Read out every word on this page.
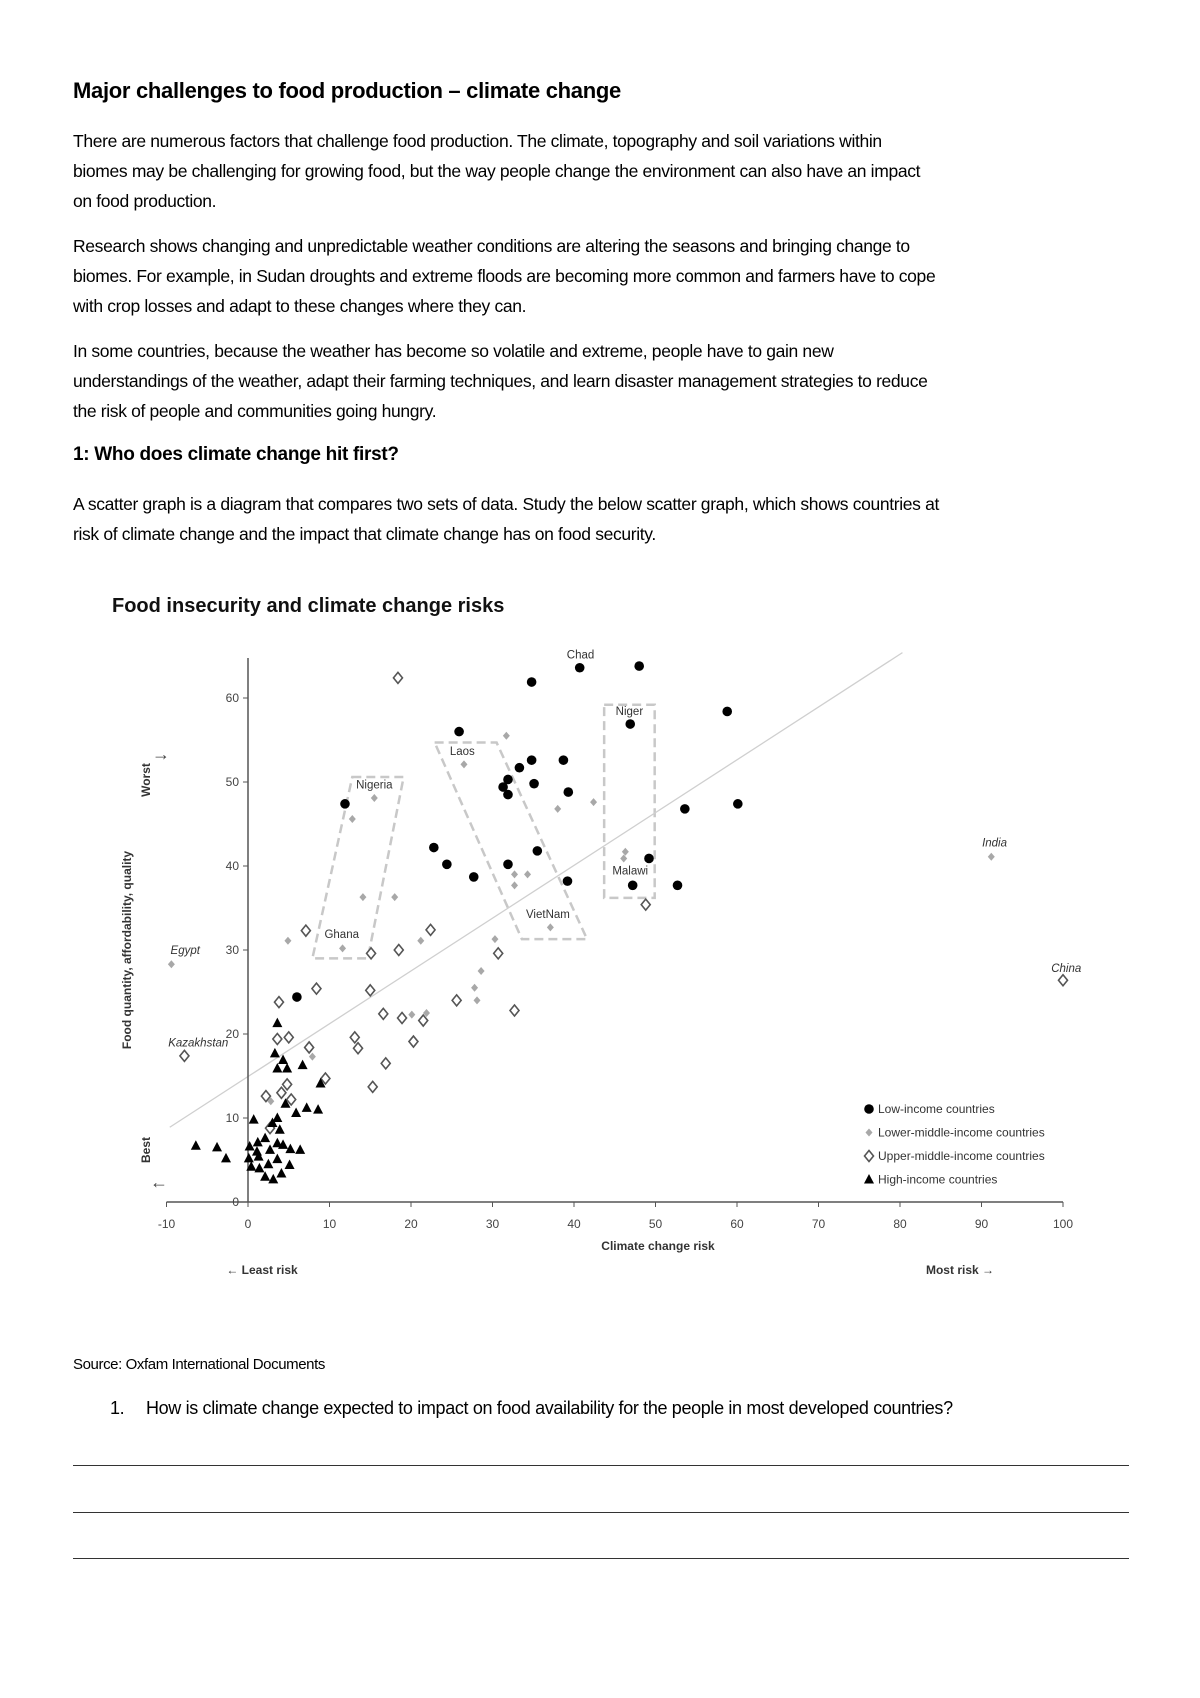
Major challenges to food production – climate change
There are numerous factors that challenge food production. The climate, topography and soil variations within
biomes may be challenging for growing food, but the way people change the environment can also have an impact
on food production.
Research shows changing and unpredictable weather conditions are altering the seasons and bringing change to
biomes. For example, in Sudan droughts and extreme floods are becoming more common and farmers have to cope
with crop losses and adapt to these changes where they can.
In some countries, because the weather has become so volatile and extreme, people have to gain new
understandings of the weather, adapt their farming techniques, and learn disaster management strategies to reduce
the risk of people and communities going hungry.
1: Who does climate change hit first?
A scatter graph is a diagram that compares two sets of data. Study the below scatter graph, which shows countries at
risk of climate change and the impact that climate change has on food security.
Food insecurity and climate change risks
0
10
20
30
40
50
60
-10	0	10	20	30	40	50	60	70	80	90	100
Climate change risk
← Least risk	Most risk →
Food quantity, affordability, quality
Worst
→
Best
←
Chad
Niger
Nigeria
Laos
Ghana
VietNam
Malawi
India
China
Egypt
Kazakhstan
Low-income countries
Lower-middle-income countries
Upper-middle-income countries
High-income countries
Source: Oxfam International Documents
1. How is climate change expected to impact on food availability for the people in most developed countries?
